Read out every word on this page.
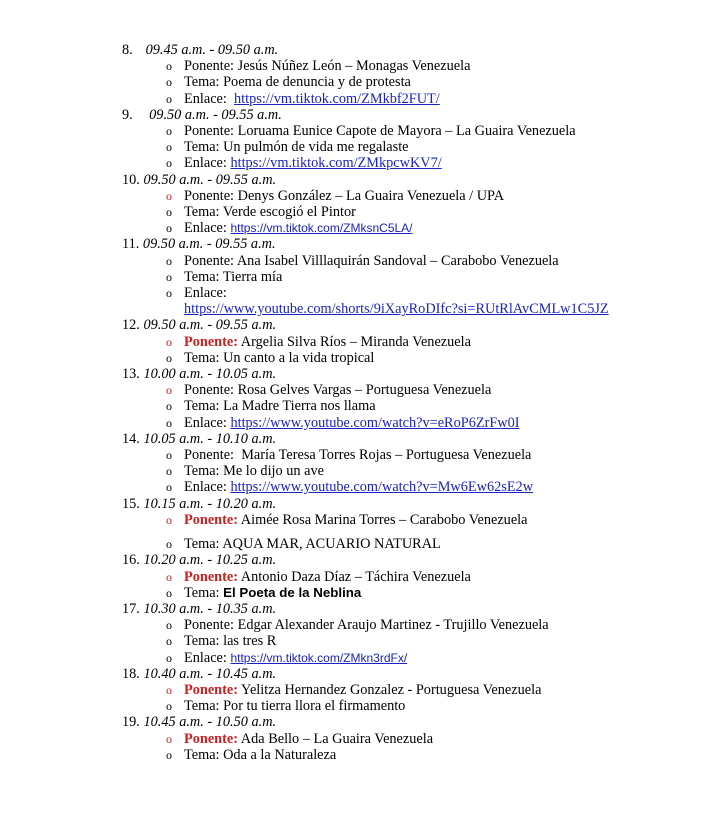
8. 09.45 a.m. - 09.50 a.m.
o Ponente: Jesús Núñez León – Monagas Venezuela
o Tema: Poema de denuncia y de protesta
o Enlace: https://vm.tiktok.com/ZMkbf2FUT/
9. 09.50 a.m. - 09.55 a.m.
o Ponente: Loruama Eunice Capote de Mayora – La Guaira Venezuela
o Tema: Un pulmón de vida me regalaste
o Enlace: https://vm.tiktok.com/ZMkpcwKV7/
10. 09.50 a.m. - 09.55 a.m.
o Ponente: Denys González – La Guaira Venezuela / UPA
o Tema: Verde escogió el Pintor
o Enlace: https://vm.tiktok.com/ZMksnC5LA/
11. 09.50 a.m. - 09.55 a.m.
o Ponente: Ana Isabel Villlaquirán Sandoval – Carabobo Venezuela
o Tema: Tierra mía
o Enlace:
https://www.youtube.com/shorts/9iXayRoDIfc?si=RUtRlAvCMLw1C5JZ
12. 09.50 a.m. - 09.55 a.m.
o Ponente: Argelia Silva Ríos – Miranda Venezuela
o Tema: Un canto a la vida tropical
13. 10.00 a.m. - 10.05 a.m.
o Ponente: Rosa Gelves Vargas – Portuguesa Venezuela
o Tema: La Madre Tierra nos llama
o Enlace: https://www.youtube.com/watch?v=eRoP6ZrFw0I
14. 10.05 a.m. - 10.10 a.m.
o Ponente: María Teresa Torres Rojas – Portuguesa Venezuela
o Tema: Me lo dijo un ave
o Enlace: https://www.youtube.com/watch?v=Mw6Ew62sE2w
15. 10.15 a.m. - 10.20 a.m.
o Ponente: Aimée Rosa Marina Torres – Carabobo Venezuela
o Tema: AQUA MAR, ACUARIO NATURAL
16. 10.20 a.m. - 10.25 a.m.
o Ponente: Antonio Daza Díaz – Táchira Venezuela
o Tema: El Poeta de la Neblina
17. 10.30 a.m. - 10.35 a.m.
o Ponente: Edgar Alexander Araujo Martinez - Trujillo Venezuela
o Tema: las tres R
o Enlace: https://vm.tiktok.com/ZMkn3rdFx/
18. 10.40 a.m. - 10.45 a.m.
o Ponente: Yelitza Hernandez Gonzalez - Portuguesa Venezuela
o Tema: Por tu tierra llora el firmamento
19. 10.45 a.m. - 10.50 a.m.
o Ponente: Ada Bello – La Guaira Venezuela
o Tema: Oda a la Naturaleza
